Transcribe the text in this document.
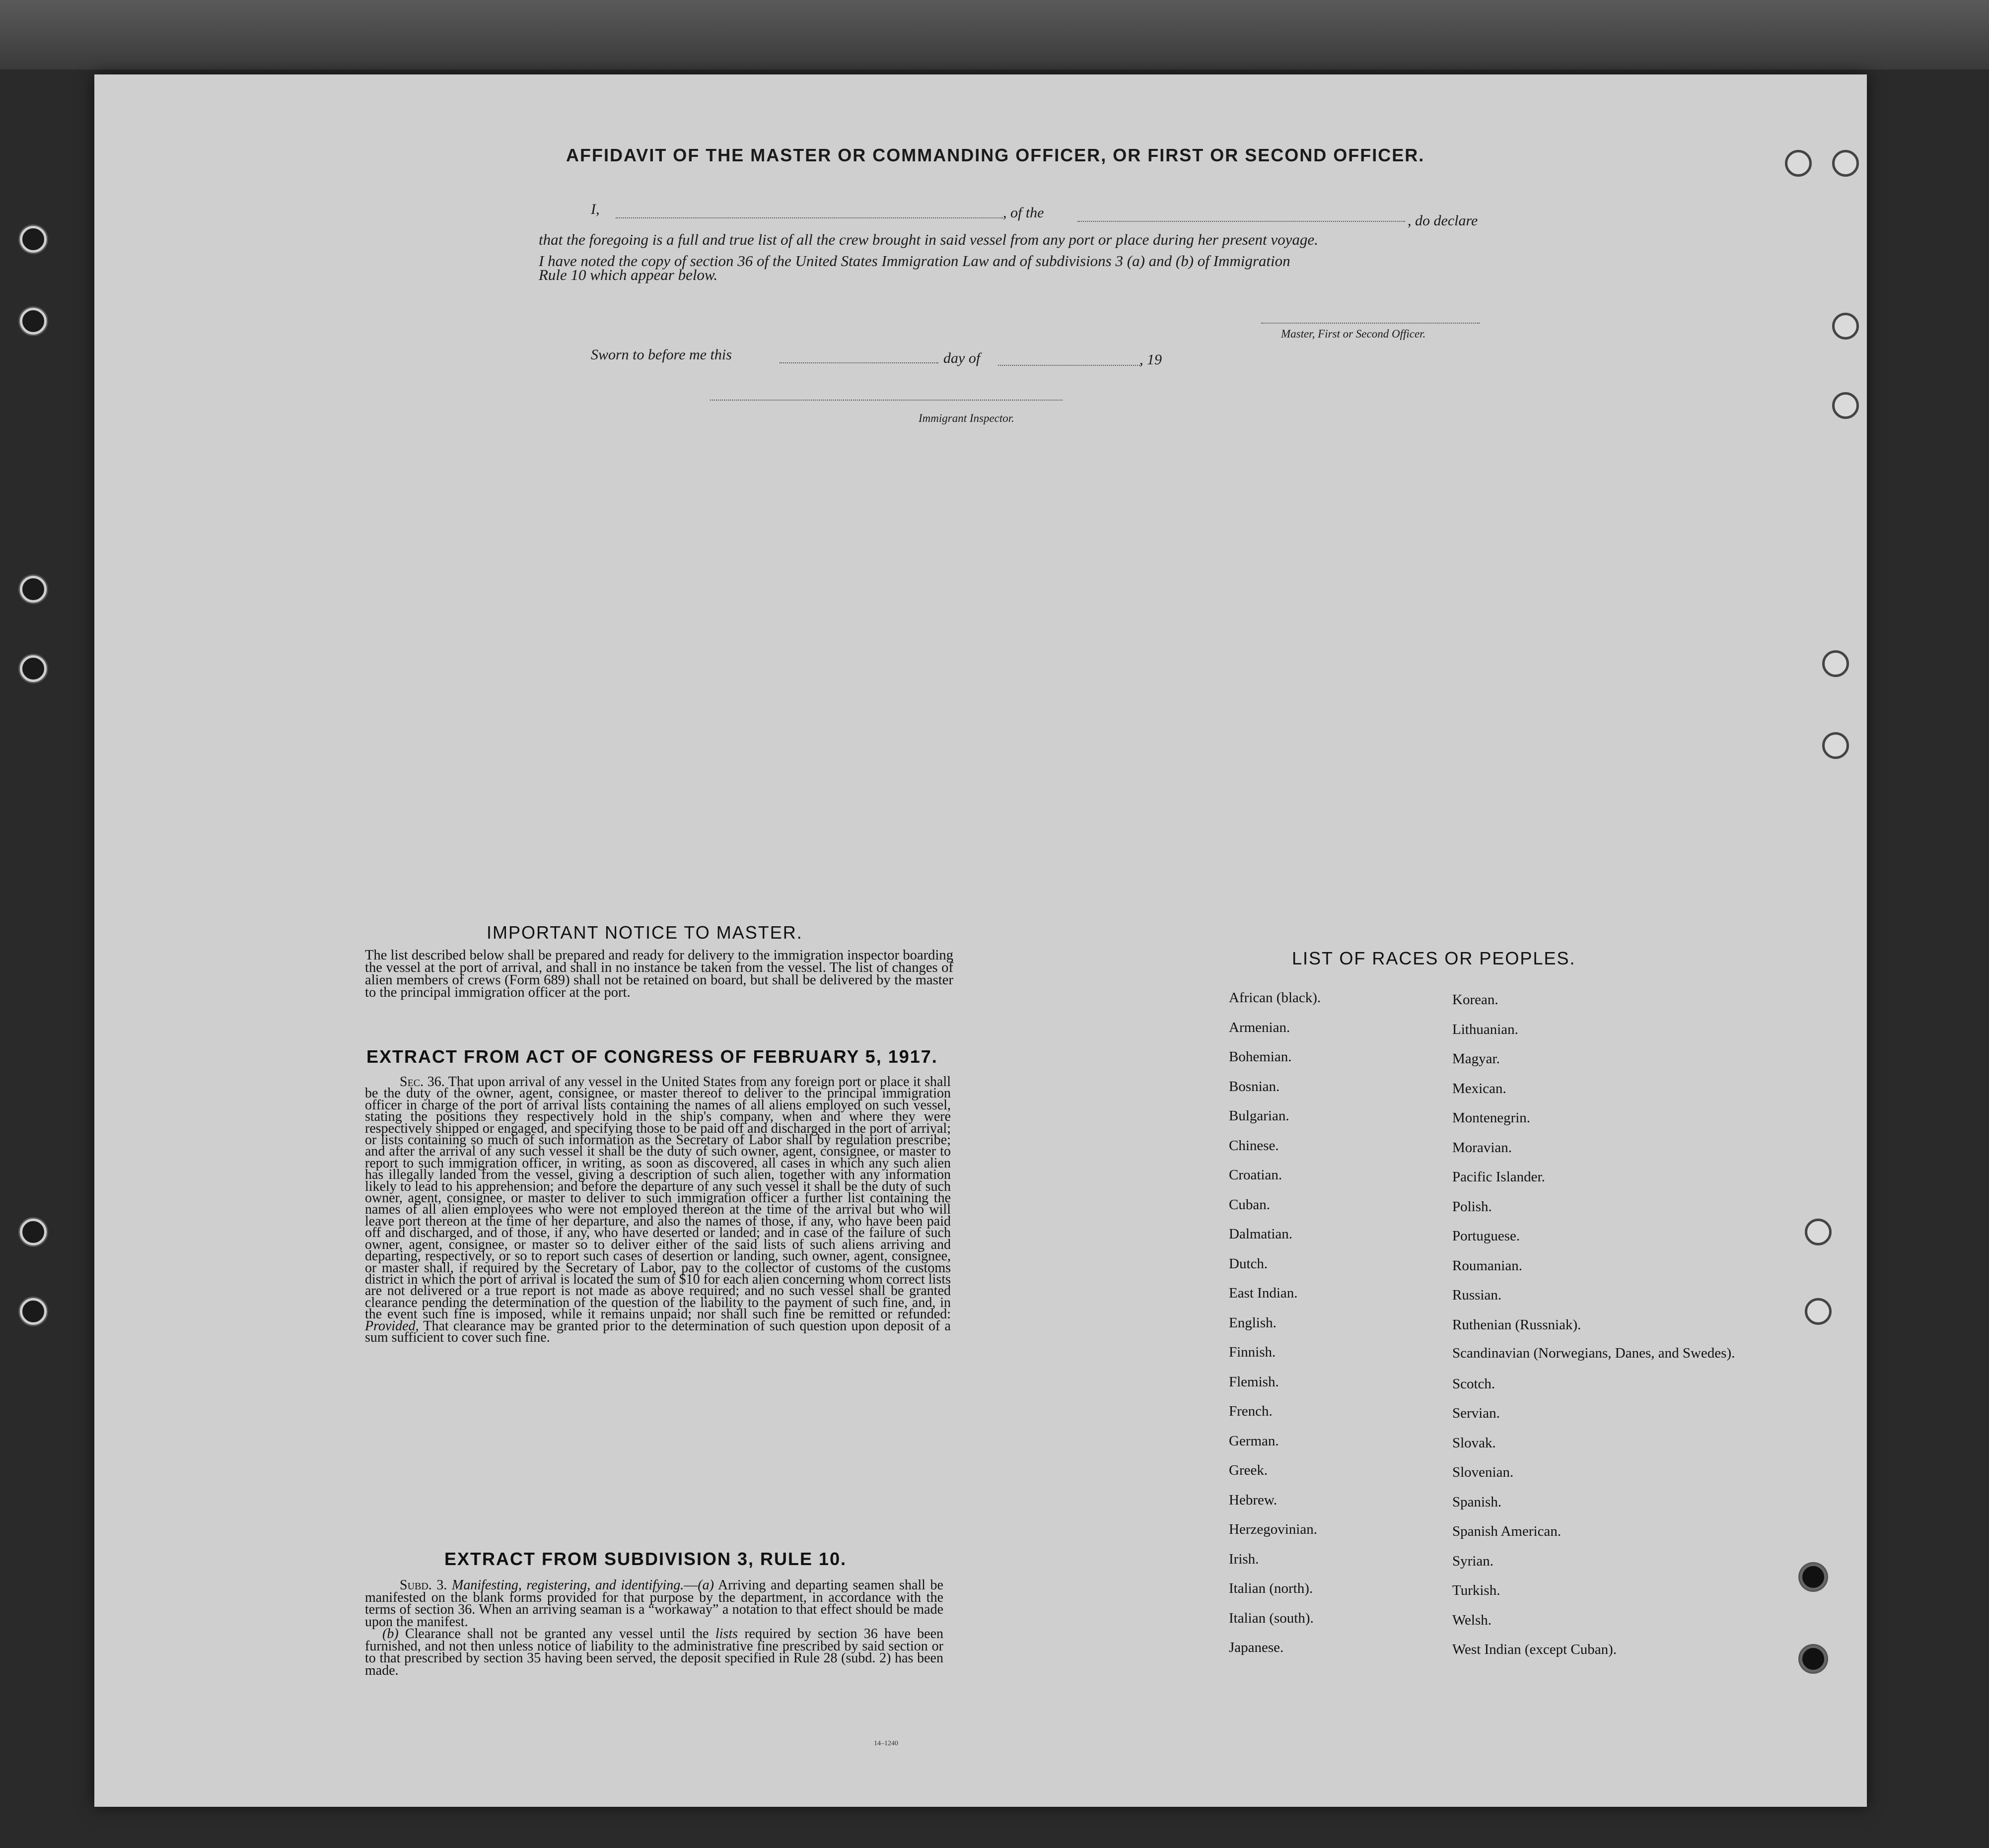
AFFIDAVIT OF THE MASTER OR COMMANDING OFFICER, OR FIRST OR SECOND OFFICER.
I,	, of the	, do declare
that the foregoing is a full and true list of all the crew brought in said vessel from any port or place during her present voyage.
I have noted the copy of section 36 of the United States Immigration Law and of subdivisions 3 (a) and (b) of Immigration
Rule 10 which appear below.
Master, First or Second Officer.
Sworn to before me this	day of	, 19
Immigrant Inspector.
IMPORTANT NOTICE TO MASTER.
The list described below shall be prepared and ready for delivery to the immigration inspector boarding the vessel at the port of arrival, and shall in no instance be taken from the vessel. The list of changes of alien members of crews (Form 689) shall not be retained on board, but shall be delivered by the master to the principal immigration officer at the port.
EXTRACT FROM ACT OF CONGRESS OF FEBRUARY 5, 1917.
Sec. 36. That upon arrival of any vessel in the United States from any foreign port or place it shall be the duty of the owner, agent, consignee, or master thereof to deliver to the principal immigration officer in charge of the port of arrival lists containing the names of all aliens employed on such vessel, stating the positions they respectively hold in the ship's company, when and where they were respectively shipped or engaged, and specifying those to be paid off and discharged in the port of arrival; or lists containing so much of such information as the Secretary of Labor shall by regulation prescribe; and after the arrival of any such vessel it shall be the duty of such owner, agent, consignee, or master to report to such immigration officer, in writing, as soon as discovered, all cases in which any such alien has illegally landed from the vessel, giving a description of such alien, together with any information likely to lead to his apprehension; and before the departure of any such vessel it shall be the duty of such owner, agent, consignee, or master to deliver to such immigration officer a further list containing the names of all alien employees who were not employed thereon at the time of the arrival but who will leave port thereon at the time of her departure, and also the names of those, if any, who have been paid off and discharged, and of those, if any, who have deserted or landed; and in case of the failure of such owner, agent, consignee, or master so to deliver either of the said lists of such aliens arriving and departing, respectively, or so to report such cases of desertion or landing, such owner, agent, consignee, or master shall, if required by the Secretary of Labor, pay to the collector of customs of the customs district in which the port of arrival is located the sum of $10 for each alien concerning whom correct lists are not delivered or a true report is not made as above required; and no such vessel shall be granted clearance pending the determination of the question of the liability to the payment of such fine, and, in the event such fine is imposed, while it remains unpaid; nor shall such fine be remitted or refunded: Provided, That clearance may be granted prior to the determination of such question upon deposit of a sum sufficient to cover such fine.
EXTRACT FROM SUBDIVISION 3, RULE 10.
Subd. 3. Manifesting, registering, and identifying.—(a) Arriving and departing seamen shall be manifested on the blank forms provided for that purpose by the department, in accordance with the terms of section 36. When an arriving seaman is a “workaway” a notation to that effect should be made upon the manifest.
(b) Clearance shall not be granted any vessel until the lists required by section 36 have been furnished, and not then unless notice of liability to the administrative fine prescribed by said section or to that prescribed by section 35 having been served, the deposit specified in Rule 28 (subd. 2) has been made.
14–1240
LIST OF RACES OR PEOPLES.
African (black).
Armenian.
Bohemian.
Bosnian.
Bulgarian.
Chinese.
Croatian.
Cuban.
Dalmatian.
Dutch.
East Indian.
English.
Finnish.
Flemish.
French.
German.
Greek.
Hebrew.
Herzegovinian.
Irish.
Italian (north).
Italian (south).
Japanese.
Korean.
Lithuanian.
Magyar.
Mexican.
Montenegrin.
Moravian.
Pacific Islander.
Polish.
Portuguese.
Roumanian.
Russian.
Ruthenian (Russniak).
Scandinavian (Norwegians, Danes, and Swedes).
Scotch.
Servian.
Slovak.
Slovenian.
Spanish.
Spanish American.
Syrian.
Turkish.
Welsh.
West Indian (except Cuban).
